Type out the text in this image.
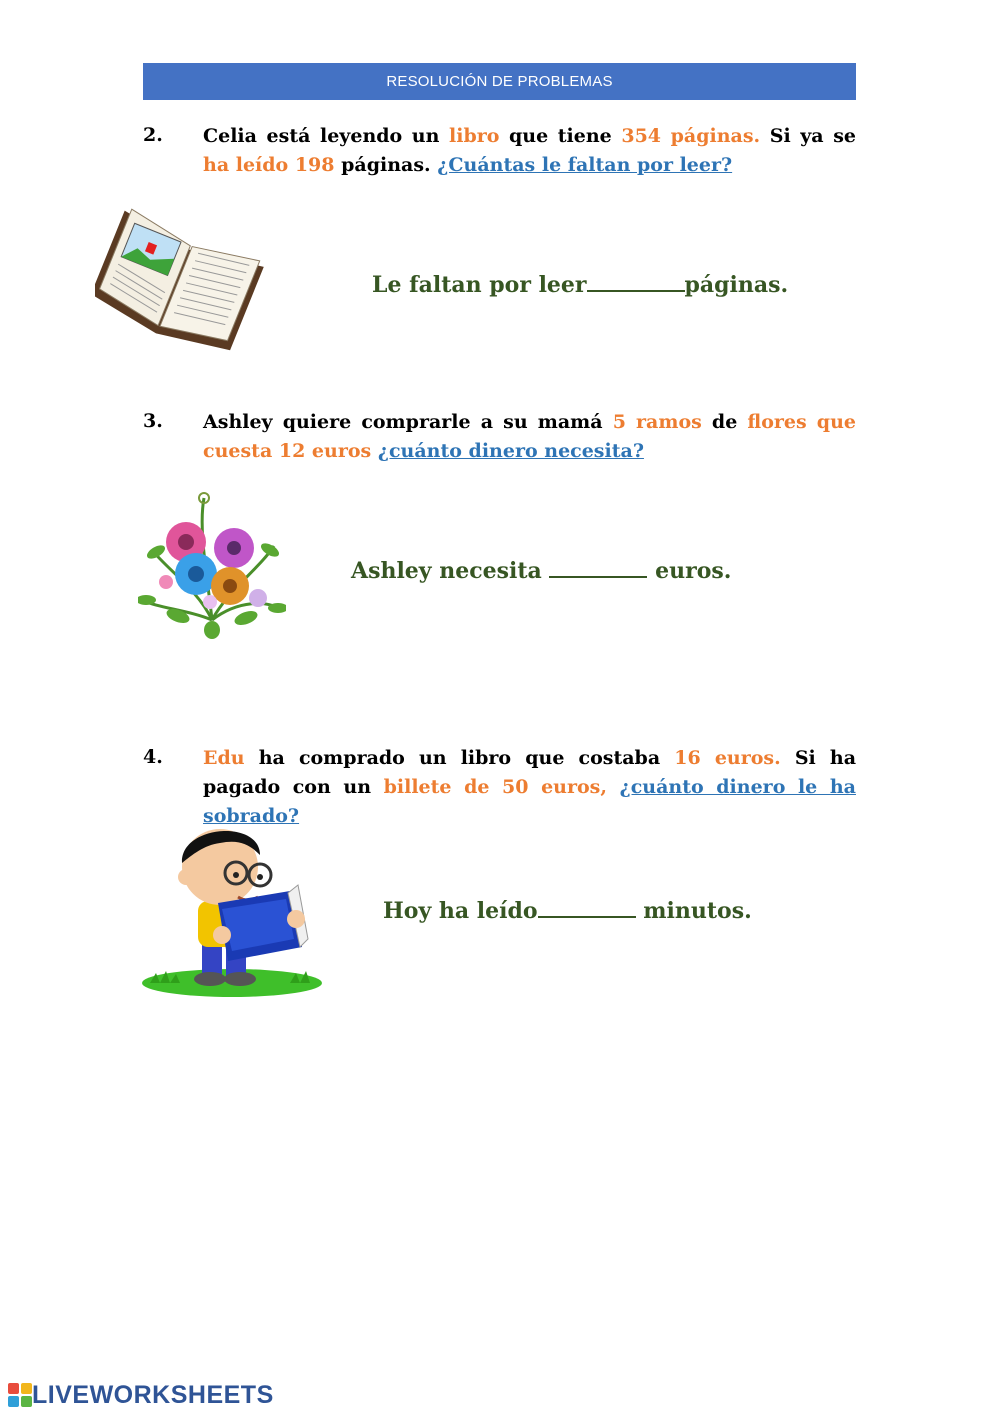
RESOLUCIÓN DE PROBLEMAS
2. Celia está leyendo un libro que tiene 354 páginas. Si ya se ha leído 198 páginas. ¿Cuántas le faltan por leer?
Le faltan por leer	páginas.
3. Ashley quiere comprarle a su mamá 5 ramos de flores que cuesta 12 euros ¿cuánto dinero necesita?
Ashley necesita	euros.
4. Edu ha comprado un libro que costaba 16 euros. Si ha pagado con un billete de 50 euros, ¿cuánto dinero le ha sobrado?
Hoy ha leído	minutos.
LIVEWORKSHEETS
